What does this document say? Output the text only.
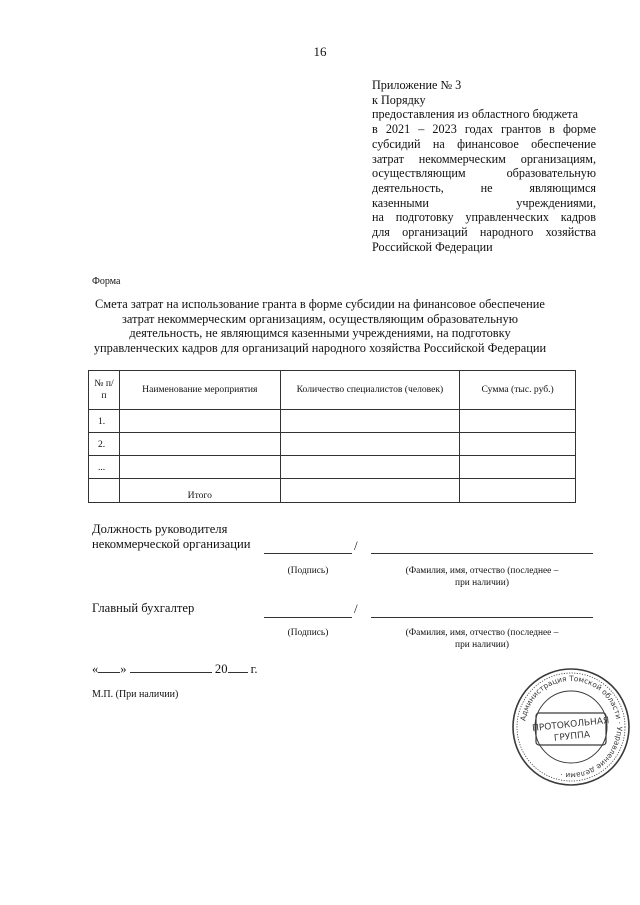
16
Приложение № 3
к Порядку
предоставления из областного бюджета
в 2021 – 2023 годах грантов в форме
субсидий на финансовое обеспечение
затрат некоммерческим организациям,
осуществляющим образовательную
деятельность, не являющимся
казенными учреждениями,
на подготовку управленческих кадров
для организаций народного хозяйства
Российской Федерации
Форма
Смета затрат на использование гранта в форме субсидии на финансовое обеспечение
затрат некоммерческим организациям, осуществляющим образовательную
деятельность, не являющимся казенными учреждениями, на подготовку
управленческих кадров для организаций народного хозяйства Российской Федерации
№ п/п	Наименование мероприятия	Количество специалистов (человек)	Сумма (тыс. руб.)
1.			
2.			
...			
	Итого		
Должность руководителя
некоммерческой организации	/
(Подпись)	(Фамилия, имя, отчество (последнее –
при наличии)
Главный бухгалтер	/
(Подпись)	(Фамилия, имя, отчество (последнее –
при наличии)
« »	20 г.
М.П. (При наличии)
Администрация Томской области · Управление делами ·
ПРОТОКОЛЬНАЯ
ГРУППА
